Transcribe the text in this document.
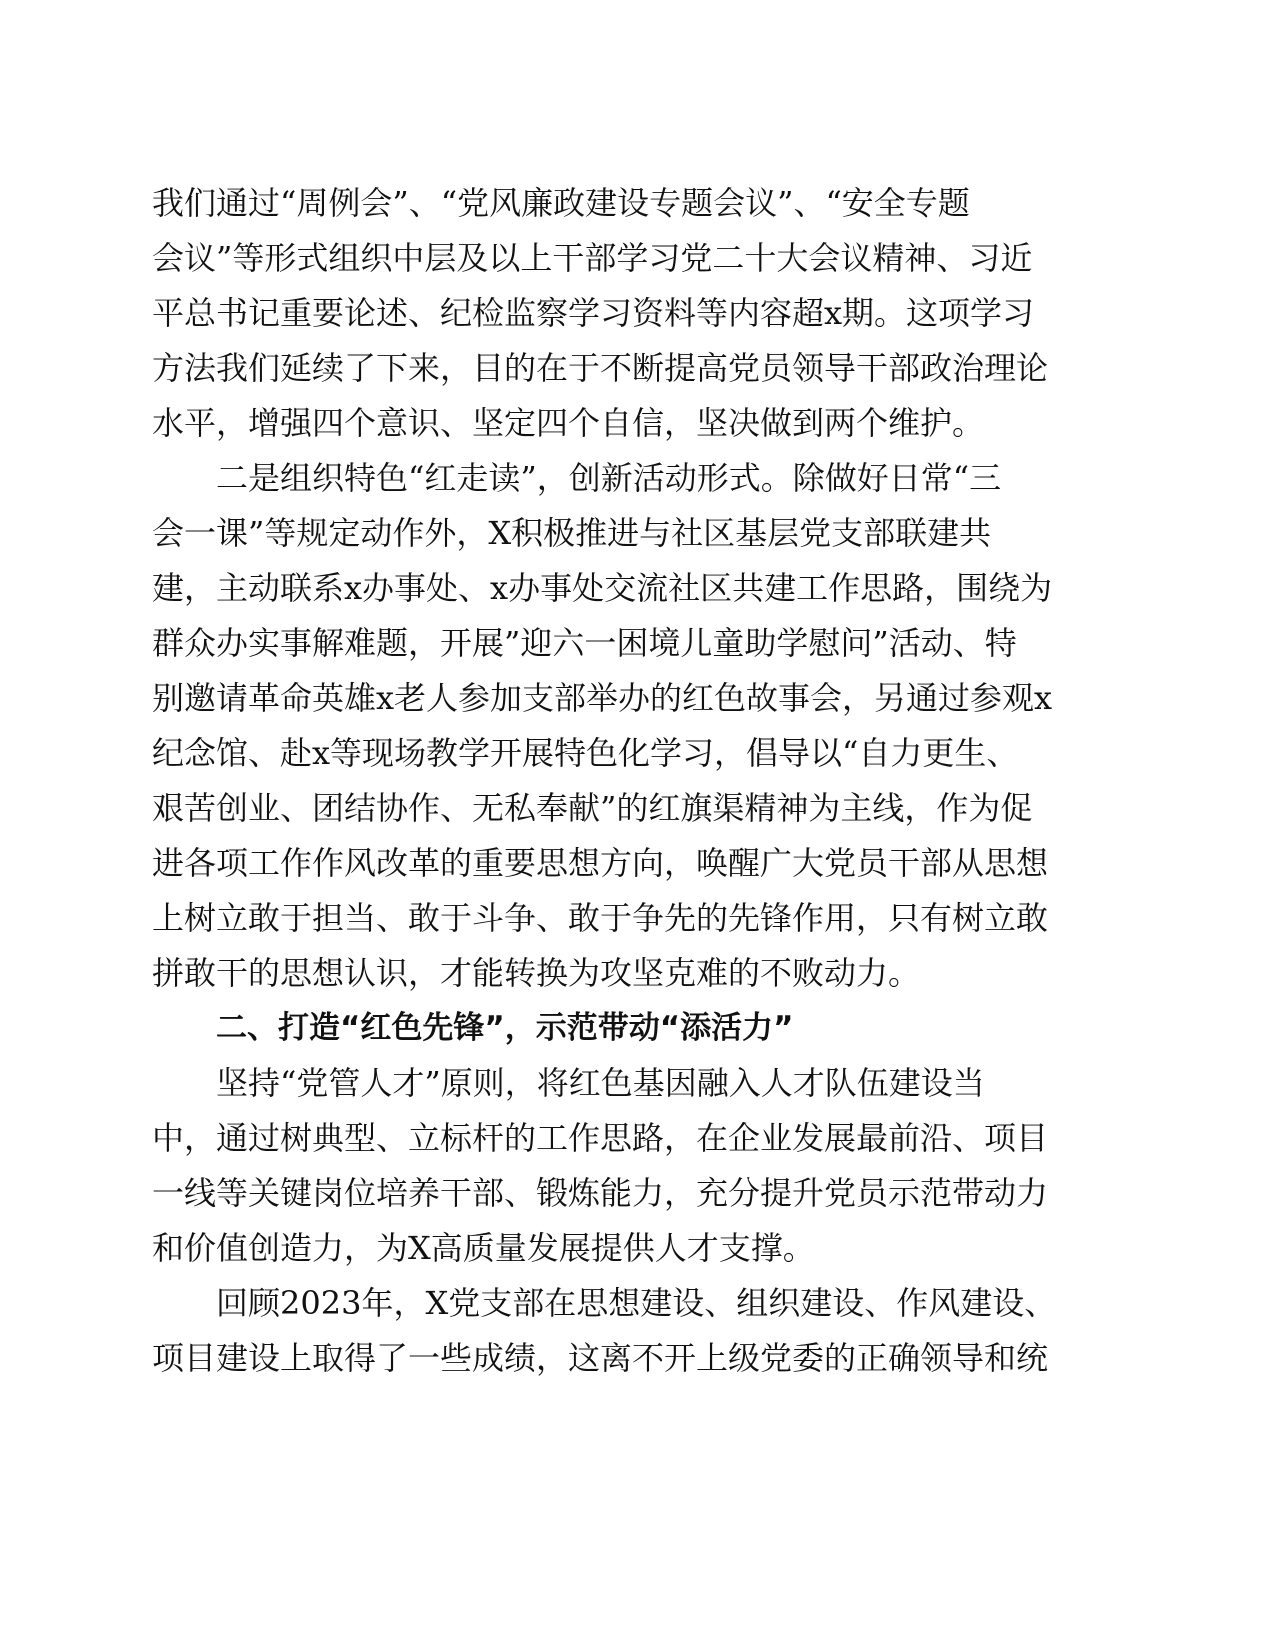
我们通过“周例会”、“党风廉政建设专题会议”、“安全专题
会议”等形式组织中层及以上干部学习党二十大会议精神、习近
平总书记重要论述、纪检监察学习资料等内容超x期。这项学习
方法我们延续了下来，目的在于不断提高党员领导干部政治理论
水平，增强四个意识、坚定四个自信，坚决做到两个维护。
二是组织特色“红走读”，创新活动形式。除做好日常“三
会一课”等规定动作外，X积极推进与社区基层党支部联建共
建，主动联系x办事处、x办事处交流社区共建工作思路，围绕为
群众办实事解难题，开展”迎六一困境儿童助学慰问”活动、特
别邀请革命英雄x老人参加支部举办的红色故事会，另通过参观x
纪念馆、赴x等现场教学开展特色化学习，倡导以“自力更生、
艰苦创业、团结协作、无私奉献”的红旗渠精神为主线，作为促
进各项工作作风改革的重要思想方向，唤醒广大党员干部从思想
上树立敢于担当、敢于斗争、敢于争先的先锋作用，只有树立敢
拼敢干的思想认识，才能转换为攻坚克难的不败动力。
二、打造“红色先锋”，示范带动“添活力”
坚持“党管人才”原则，将红色基因融入人才队伍建设当
中，通过树典型、立标杆的工作思路，在企业发展最前沿、项目
一线等关键岗位培养干部、锻炼能力，充分提升党员示范带动力
和价值创造力，为X高质量发展提供人才支撑。
回顾2023年，X党支部在思想建设、组织建设、作风建设、
项目建设上取得了一些成绩，这离不开上级党委的正确领导和统
